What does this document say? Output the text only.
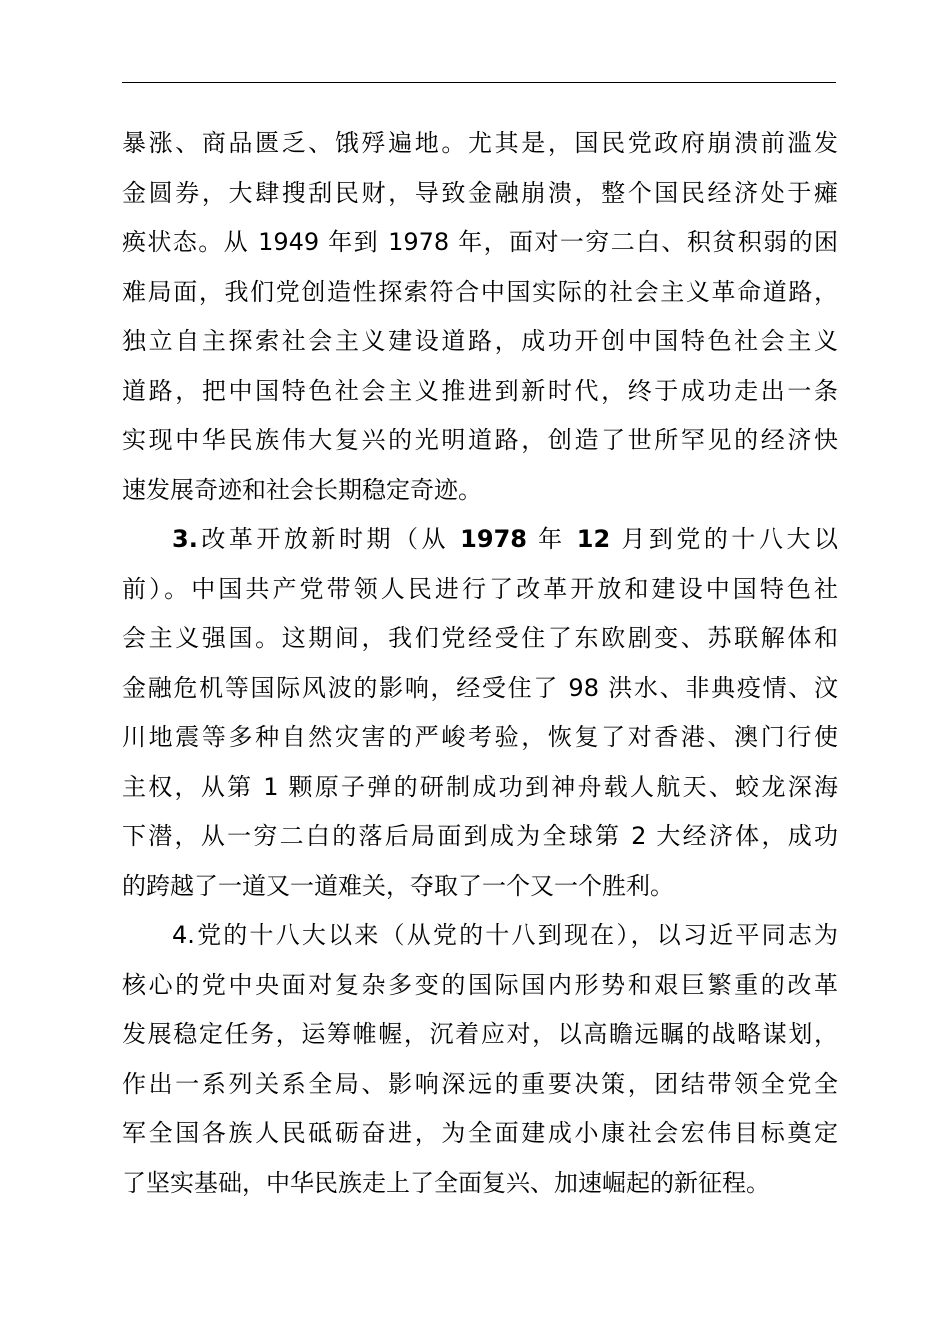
暴涨、商品匮乏、饿殍遍地。尤其是，国民党政府崩溃前滥发
金圆券，大肆搜刮民财，导致金融崩溃，整个国民经济处于瘫
痪状态。从 1949 年到 1978 年，面对一穷二白、积贫积弱的困
难局面，我们党创造性探索符合中国实际的社会主义革命道路，
独立自主探索社会主义建设道路，成功开创中国特色社会主义
道路，把中国特色社会主义推进到新时代，终于成功走出一条
实现中华民族伟大复兴的光明道路，创造了世所罕见的经济快
速发展奇迹和社会长期稳定奇迹。
3.改革开放新时期（从 1978 年 12 月到党的十八大以
前）。中国共产党带领人民进行了改革开放和建设中国特色社
会主义强国。这期间，我们党经受住了东欧剧变、苏联解体和
金融危机等国际风波的影响，经受住了 98 洪水、非典疫情、汶
川地震等多种自然灾害的严峻考验，恢复了对香港、澳门行使
主权，从第 1 颗原子弹的研制成功到神舟载人航天、蛟龙深海
下潜，从一穷二白的落后局面到成为全球第 2 大经济体，成功
的跨越了一道又一道难关，夺取了一个又一个胜利。
4.党的十八大以来（从党的十八到现在），以习近平同志为
核心的党中央面对复杂多变的国际国内形势和艰巨繁重的改革
发展稳定任务，运筹帷幄，沉着应对，以高瞻远瞩的战略谋划，
作出一系列关系全局、影响深远的重要决策，团结带领全党全
军全国各族人民砥砺奋进，为全面建成小康社会宏伟目标奠定
了坚实基础，中华民族走上了全面复兴、加速崛起的新征程。
